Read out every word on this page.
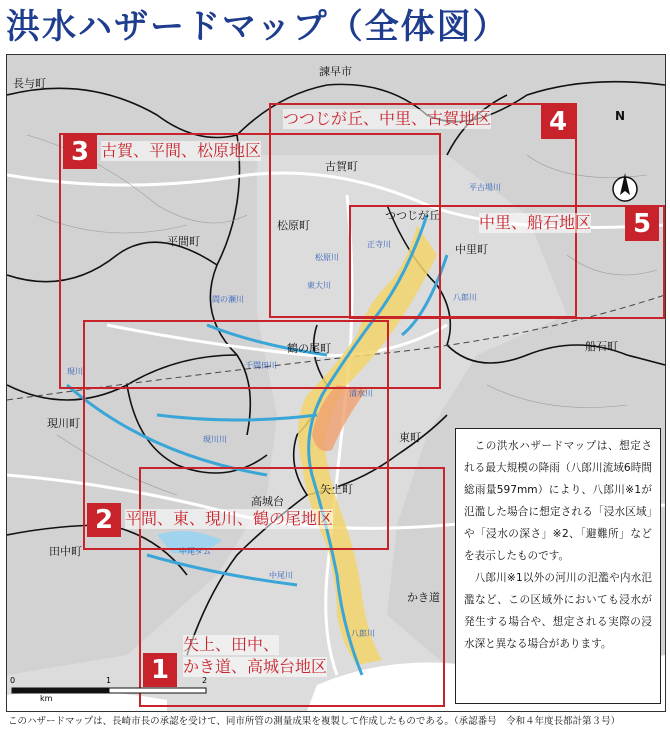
洪水ハザードマップ（全体図）
N
長与町
諫早市
古賀町
平間町
松原町
つつじが丘
中里町
鶴の尾町	船石町
現川町
東町
矢上町
高城台
田中町
かき道
平古場川
正寺川
松原川
八郎川
間の瀬川
東大川
千間田川
現川
現川川
清水川
中尾ダム
中尾川
八郎川
3 古賀、平間、松原地区
4
つつじが丘、中里、古賀地区
5
中里、船石地区
2 平間、東、現川、鶴の尾地区
1
矢上、田中、
かき道、高城台地区
0	1	2
km

この洪水ハザードマップは、想定される最大規模の降雨（八郎川流域6時間総雨量597mm）により、八郎川※1が氾濫した場合に想定される「浸水区域」や「浸水の深さ」※2、「避難所」などを表示したものです。

八郎川※1以外の河川の氾濫や内水氾濫など、この区域外においても浸水が発生する場合や、想定される実際の浸水深と異なる場合があります。

このハザードマップは、長崎市長の承認を受けて、同市所管の測量成果を複製して作成したものである。（承認番号　令和４年度長都計第３号）
